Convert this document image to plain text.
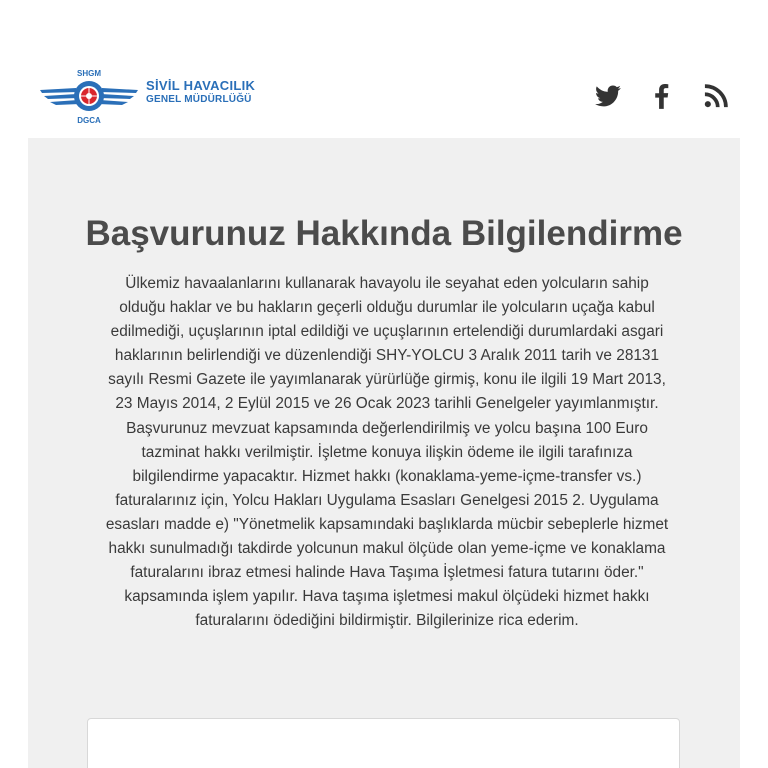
SHGM
DGCA
SİVİL HAVACILIK
GENEL MÜDÜRLÜĞÜ
Başvurunuz Hakkında Bilgilendirme

Ülkemiz havaalanlarını kullanarak havayolu ile seyahat eden yolcuların sahip olduğu haklar ve bu hakların geçerli olduğu durumlar ile yolcuların uçağa kabul edilmediği, uçuşlarının iptal edildiği ve uçuşlarının ertelendiği durumlardaki asgari haklarının belirlendiği ve düzenlendiği SHY-YOLCU 3 Aralık 2011 tarih ve 28131 sayılı Resmi Gazete ile yayımlanarak yürürlüğe girmiş, konu ile ilgili 19 Mart 2013, 23 Mayıs 2014, 2 Eylül 2015 ve 26 Ocak 2023 tarihli Genelgeler yayımlanmıştır. Başvurunuz mevzuat kapsamında değerlendirilmiş ve yolcu başına 100 Euro tazminat hakkı verilmiştir. İşletme konuya ilişkin ödeme ile ilgili tarafınıza bilgilendirme yapacaktır. Hizmet hakkı (konaklama-yeme-içme-transfer vs.) faturalarınız için, Yolcu Hakları Uygulama Esasları Genelgesi 2015 2. Uygulama esasları madde e) "Yönetmelik kapsamındaki başlıklarda mücbir sebeplerle hizmet hakkı sunulmadığı takdirde yolcunun makul ölçüde olan yeme-içme ve konaklama faturalarını ibraz etmesi halinde Hava Taşıma İşletmesi fatura tutarını öder." kapsamında işlem yapılır. Hava taşıma işletmesi makul ölçüdeki hizmet hakkı faturalarını ödediğini bildirmiştir. Bilgilerinize rica ederim.
